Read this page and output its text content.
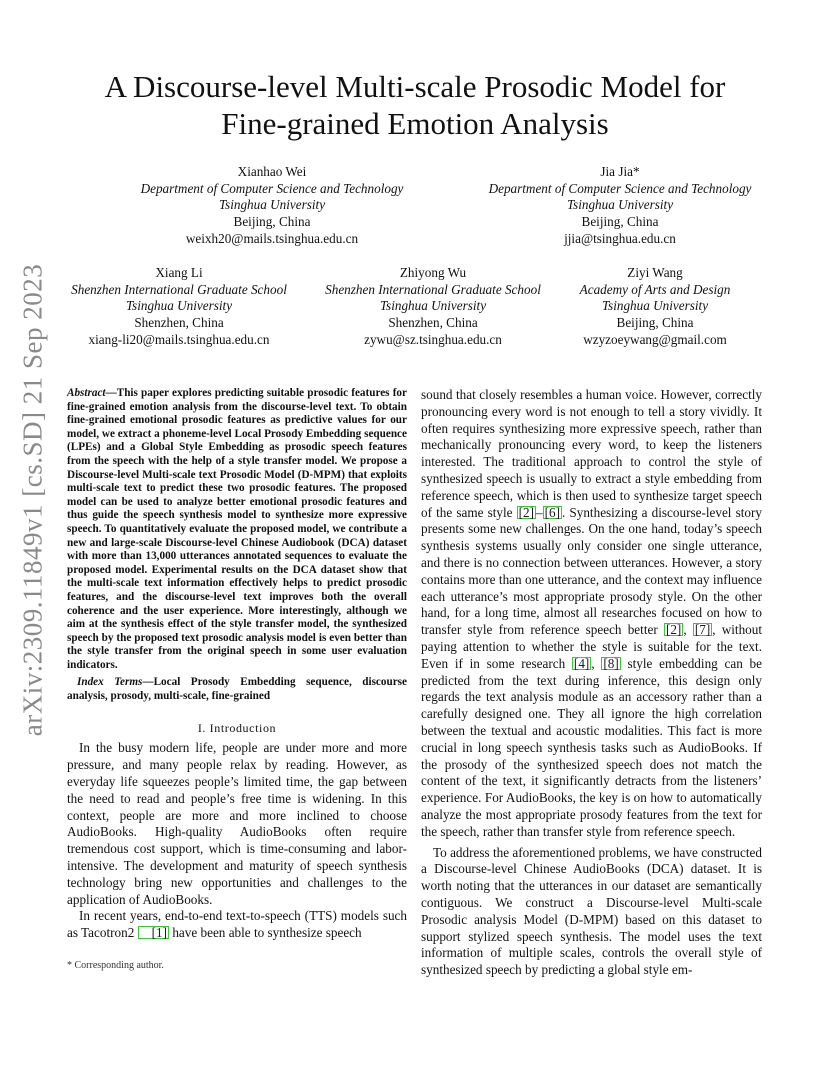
arXiv:2309.11849v1 [cs.SD] 21 Sep 2023
A Discourse-level Multi-scale Prosodic Model for
Fine-grained Emotion Analysis
Xianhao Wei
Department of Computer Science and Technology
Tsinghua University
Beijing, China
weixh20@mails.tsinghua.edu.cn
Jia Jia*
Department of Computer Science and Technology
Tsinghua University
Beijing, China
jjia@tsinghua.edu.cn
Xiang Li
Shenzhen International Graduate School
Tsinghua University
Shenzhen, China
xiang-li20@mails.tsinghua.edu.cn
Zhiyong Wu
Shenzhen International Graduate School
Tsinghua University
Shenzhen, China
zywu@sz.tsinghua.edu.cn
Ziyi Wang
Academy of Arts and Design
Tsinghua University
Beijing, China
wzyzoeywang@gmail.com

Abstract—This paper explores predicting suitable prosodic features for fine-grained emotion analysis from the discourse-level text. To obtain fine-grained emotional prosodic features as predictive values for our model, we extract a phoneme-level Local Prosody Embedding sequence (LPEs) and a Global Style Embedding as prosodic speech features from the speech with the help of a style transfer model. We propose a Discourse-level Multi-scale text Prosodic Model (D-MPM) that exploits multi-scale text to predict these two prosodic features. The proposed model can be used to analyze better emotional prosodic features and thus guide the speech synthesis model to synthesize more expressive speech. To quantitatively evaluate the proposed model, we contribute a new and large-scale Discourse-level Chinese Audiobook (DCA) dataset with more than 13,000 utterances annotated sequences to evaluate the proposed model. Experimental results on the DCA dataset show that the multi-scale text information effectively helps to predict prosodic features, and the discourse-level text improves both the overall coherence and the user experience. More interestingly, although we aim at the synthesis effect of the style transfer model, the synthesized speech by the proposed text prosodic analysis model is even better than the style transfer from the original speech in some user evaluation indicators.

Index Terms—Local Prosody Embedding sequence, discourse analysis, prosody, multi-scale, fine-grained

I. Introduction

In the busy modern life, people are under more and more pressure, and many people relax by reading. However, as everyday life squeezes people’s limited time, the gap between the need to read and people’s free time is widening. In this context, people are more and more inclined to choose AudioBooks. High-quality AudioBooks often require tremendous cost support, which is time-consuming and labor-intensive. The development and maturity of speech synthesis technology bring new opportunities and challenges to the application of AudioBooks.

In recent years, end-to-end text-to-speech (TTS) models such as Tacotron2 [1] have been able to synthesize speech

sound that closely resembles a human voice. However, correctly pronouncing every word is not enough to tell a story vividly. It often requires synthesizing more expressive speech, rather than mechanically pronouncing every word, to keep the listeners interested. The traditional approach to control the style of synthesized speech is usually to extract a style embedding from reference speech, which is then used to synthesize target speech of the same style [2] – [6] . Synthesizing a discourse-level story presents some new challenges. On the one hand, today’s speech synthesis systems usually only consider one single utterance, and there is no connection between utterances. However, a story contains more than one utterance, and the context may influence each utterance’s most appropriate prosody style. On the other hand, for a long time, almost all researches focused on how to transfer style from reference speech better [2] , [7] , without paying attention to whether the style is suitable for the text. Even if in some research [4] , [8] style embedding can be predicted from the text during inference, this design only regards the text analysis module as an accessory rather than a carefully designed one. They all ignore the high correlation between the textual and acoustic modalities. This fact is more crucial in long speech synthesis tasks such as AudioBooks. If the prosody of the synthesized speech does not match the content of the text, it significantly detracts from the listeners’ experience. For AudioBooks, the key is on how to automatically analyze the most appropriate prosody features from the text for the speech, rather than transfer style from reference speech.

To address the aforementioned problems, we have constructed a Discourse-level Chinese AudioBooks (DCA) dataset. It is worth noting that the utterances in our dataset are semantically contiguous. We construct a Discourse-level Multi-scale Prosodic analysis Model (D-MPM) based on this dataset to support stylized speech synthesis. The model uses the text information of multiple scales, controls the overall style of synthesized speech by predicting a global style em-

* Corresponding author.
